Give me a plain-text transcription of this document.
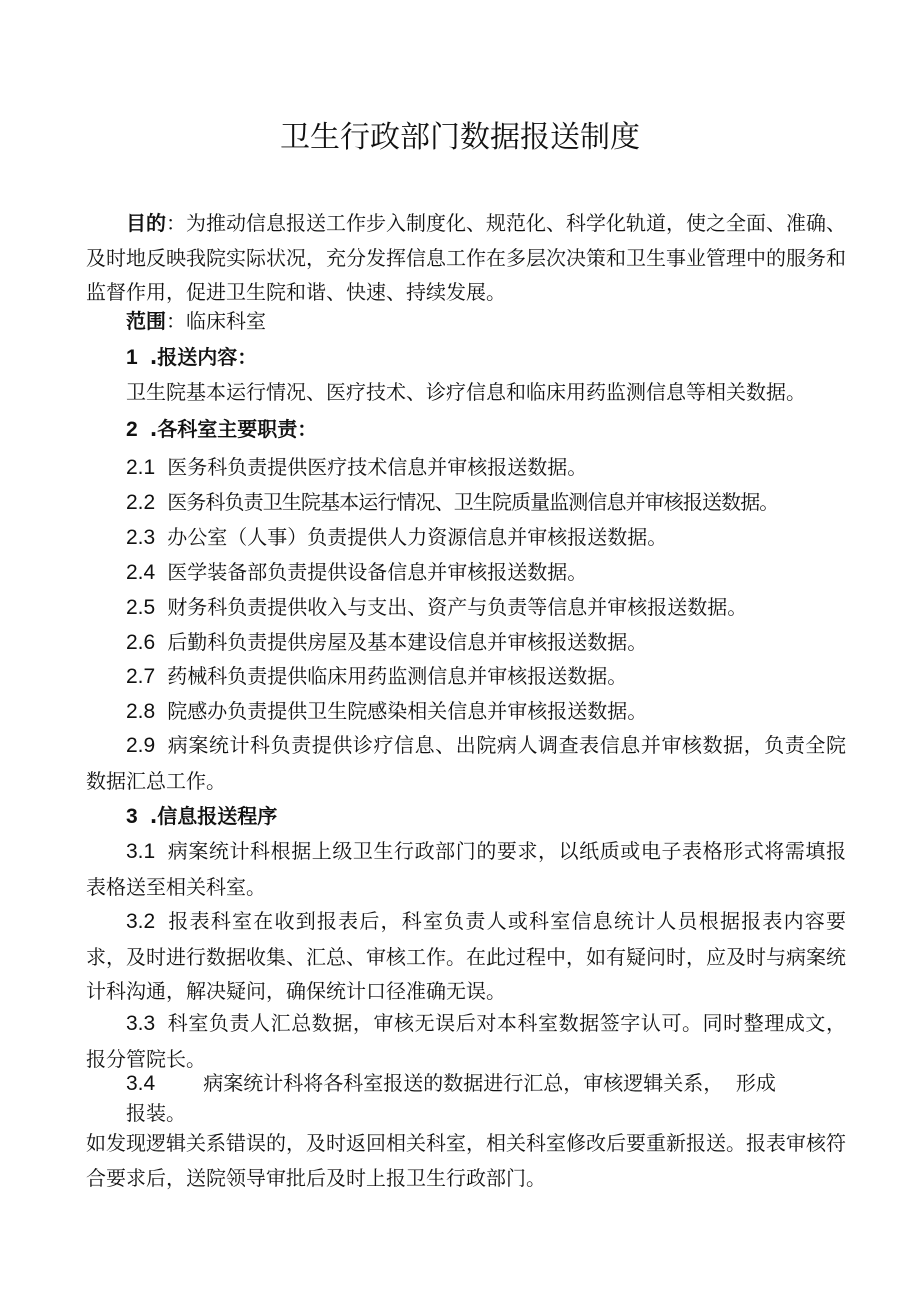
卫生行政部门数据报送制度

目的：为推动信息报送工作步入制度化、规范化、科学化轨道，使之全面、准确、及时地反映我院实际状况，充分发挥信息工作在多层次决策和卫生事业管理中的服务和监督作用，促进卫生院和谐、快速、持续发展。

范围：临床科室

1 .报送内容：

卫生院基本运行情况、医疗技术、诊疗信息和临床用药监测信息等相关数据。

2 .各科室主要职责：

2.1 医务科负责提供医疗技术信息并审核报送数据。

2.2 医务科负责卫生院基本运行情况、卫生院质量监测信息并审核报送数据。

2.3 办公室（人事）负责提供人力资源信息并审核报送数据。

2.4 医学装备部负责提供设备信息并审核报送数据。

2.5 财务科负责提供收入与支出、资产与负责等信息并审核报送数据。

2.6 后勤科负责提供房屋及基本建设信息并审核报送数据。

2.7 药械科负责提供临床用药监测信息并审核报送数据。

2.8 院感办负责提供卫生院感染相关信息并审核报送数据。

2.9 病案统计科负责提供诊疗信息、出院病人调查表信息并审核数据，负责全院数据汇总工作。

3 .信息报送程序

3.1 病案统计科根据上级卫生行政部门的要求，以纸质或电子表格形式将需填报表格送至相关科室。

3.2 报表科室在收到报表后，科室负责人或科室信息统计人员根据报表内容要求，及时进行数据收集、汇总、审核工作。在此过程中，如有疑问时，应及时与病案统计科沟通，解决疑问，确保统计口径准确无误。

3.3 科室负责人汇总数据，审核无误后对本科室数据签字认可。同时整理成文，报分管院长。

3.4 病案统计科将各科室报送的数据进行汇总，审核逻辑关系，  形成

报装。

如发现逻辑关系错误的，及时返回相关科室，相关科室修改后要重新报送。报表审核符合要求后，送院领导审批后及时上报卫生行政部门。
